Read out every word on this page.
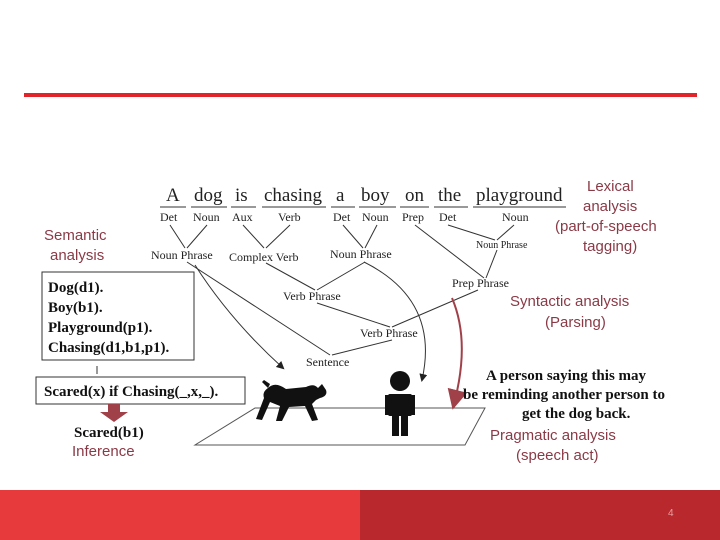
A dog is chasing a boy on the playground
Det Noun Aux Verb	Det Noun Prep Det	Noun
Noun Phrase Complex Verb	Noun Phrase
Noun Phrase
Prep Phrase
Verb Phrase
Verb Phrase
Sentence
Lexical
analysis
(part-of-speech
tagging)
Semantic
analysis
Syntactic analysis
(Parsing)
Dog(d1).
Boy(b1).
Playground(p1).
Chasing(d1,b1,p1).
Scared(x) if Chasing(_,x,_).
Scared(b1)
Inference
A person saying this may
be reminding another person to
get the dog back.
Pragmatic analysis
(speech act)
4
